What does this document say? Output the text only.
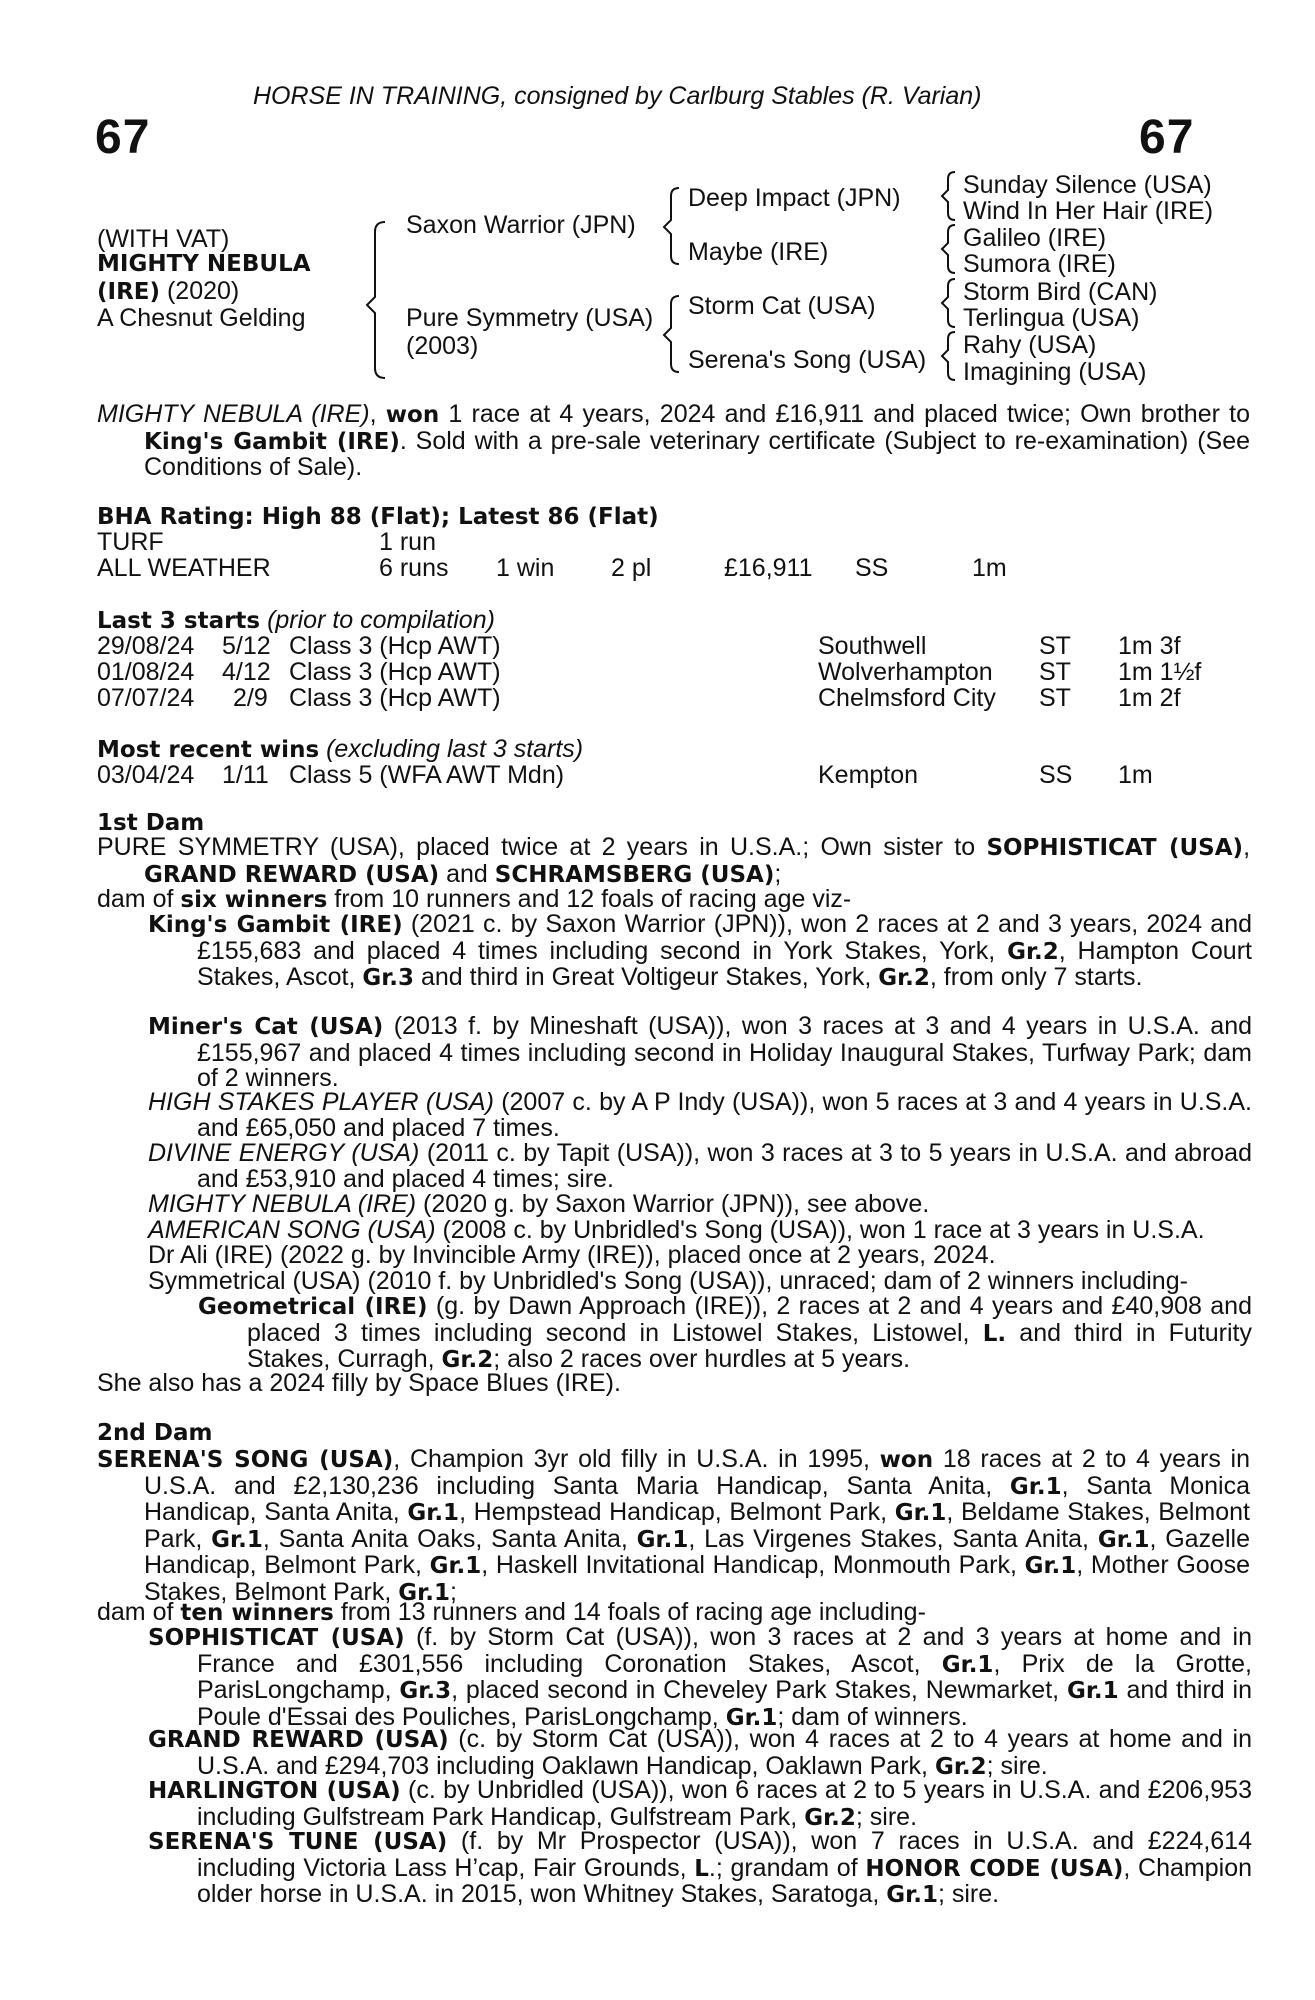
HORSE IN TRAINING, consigned by Carlburg Stables (R. Varian)
67	67
(WITH VAT)
MIGHTY NEBULA
(IRE) (2020)
A Chesnut Gelding
Saxon Warrior (JPN)
Pure Symmetry (USA)
(2003)
Deep Impact (JPN)
Maybe (IRE)
Storm Cat (USA)
Serena's Song (USA)
Sunday Silence (USA)
Wind In Her Hair (IRE)
Galileo (IRE)
Sumora (IRE)
Storm Bird (CAN)
Terlingua (USA)
Rahy (USA)
Imagining (USA)
MIGHTY NEBULA (IRE), won 1 race at 4 years, 2024 and £16,911 and placed twice; Own brother to King's Gambit (IRE). Sold with a pre-sale veterinary certificate (Subject to re-examination) (See Conditions of Sale).
BHA Rating: High 88 (Flat); Latest 86 (Flat)
TURF	1 run
ALL WEATHER	6 runs 1 win 2 pl	£16,911 SS	1m
Last 3 starts (prior to compilation)
29/08/24 5/12 Class 3 (Hcp AWT)	Southwell	ST 1m 3f
01/08/24 4/12 Class 3 (Hcp AWT)	Wolverhampton ST 1m 1½f
07/07/24 2/9 Class 3 (Hcp AWT)	Chelmsford City ST 1m 2f
Most recent wins (excluding last 3 starts)
03/04/24 1/11 Class 5 (WFA AWT Mdn)	Kempton	SS 1m
1st Dam
PURE SYMMETRY (USA), placed twice at 2 years in U.S.A.; Own sister to SOPHISTICAT (USA), GRAND REWARD (USA) and SCHRAMSBERG (USA);
dam of six winners from 10 runners and 12 foals of racing age viz-
King's Gambit (IRE) (2021 c. by Saxon Warrior (JPN)), won 2 races at 2 and 3 years, 2024 and £155,683 and placed 4 times including second in York Stakes, York, Gr.2, Hampton Court Stakes, Ascot, Gr.3 and third in Great Voltigeur Stakes, York, Gr.2, from only 7 starts.
Miner's Cat (USA) (2013 f. by Mineshaft (USA)), won 3 races at 3 and 4 years in U.S.A. and £155,967 and placed 4 times including second in Holiday Inaugural Stakes, Turfway Park; dam of 2 winners.
HIGH STAKES PLAYER (USA) (2007 c. by A P Indy (USA)), won 5 races at 3 and 4 years in U.S.A. and £65,050 and placed 7 times.
DIVINE ENERGY (USA) (2011 c. by Tapit (USA)), won 3 races at 3 to 5 years in U.S.A. and abroad and £53,910 and placed 4 times; sire.
MIGHTY NEBULA (IRE) (2020 g. by Saxon Warrior (JPN)), see above.
AMERICAN SONG (USA) (2008 c. by Unbridled's Song (USA)), won 1 race at 3 years in U.S.A.
Dr Ali (IRE) (2022 g. by Invincible Army (IRE)), placed once at 2 years, 2024.
Symmetrical (USA) (2010 f. by Unbridled's Song (USA)), unraced; dam of 2 winners including-
Geometrical (IRE) (g. by Dawn Approach (IRE)), 2 races at 2 and 4 years and £40,908 and placed 3 times including second in Listowel Stakes, Listowel, L. and third in Futurity Stakes, Curragh, Gr.2; also 2 races over hurdles at 5 years.
She also has a 2024 filly by Space Blues (IRE).
2nd Dam
SERENA'S SONG (USA), Champion 3yr old filly in U.S.A. in 1995, won 18 races at 2 to 4 years in U.S.A. and £2,130,236 including Santa Maria Handicap, Santa Anita, Gr.1, Santa Monica Handicap, Santa Anita, Gr.1, Hempstead Handicap, Belmont Park, Gr.1, Beldame Stakes, Belmont Park, Gr.1, Santa Anita Oaks, Santa Anita, Gr.1, Las Virgenes Stakes, Santa Anita, Gr.1, Gazelle Handicap, Belmont Park, Gr.1, Haskell Invitational Handicap, Monmouth Park, Gr.1, Mother Goose Stakes, Belmont Park, Gr.1;
dam of ten winners from 13 runners and 14 foals of racing age including-
SOPHISTICAT (USA) (f. by Storm Cat (USA)), won 3 races at 2 and 3 years at home and in France and £301,556 including Coronation Stakes, Ascot, Gr.1, Prix de la Grotte, ParisLongchamp, Gr.3, placed second in Cheveley Park Stakes, Newmarket, Gr.1 and third in Poule d'Essai des Pouliches, ParisLongchamp, Gr.1; dam of winners.
GRAND REWARD (USA) (c. by Storm Cat (USA)), won 4 races at 2 to 4 years at home and in U.S.A. and £294,703 including Oaklawn Handicap, Oaklawn Park, Gr.2; sire.
HARLINGTON (USA) (c. by Unbridled (USA)), won 6 races at 2 to 5 years in U.S.A. and £206,953 including Gulfstream Park Handicap, Gulfstream Park, Gr.2; sire.
SERENA'S TUNE (USA) (f. by Mr Prospector (USA)), won 7 races in U.S.A. and £224,614 including Victoria Lass H’cap, Fair Grounds, L.; grandam of HONOR CODE (USA), Champion older horse in U.S.A. in 2015, won Whitney Stakes, Saratoga, Gr.1; sire.
